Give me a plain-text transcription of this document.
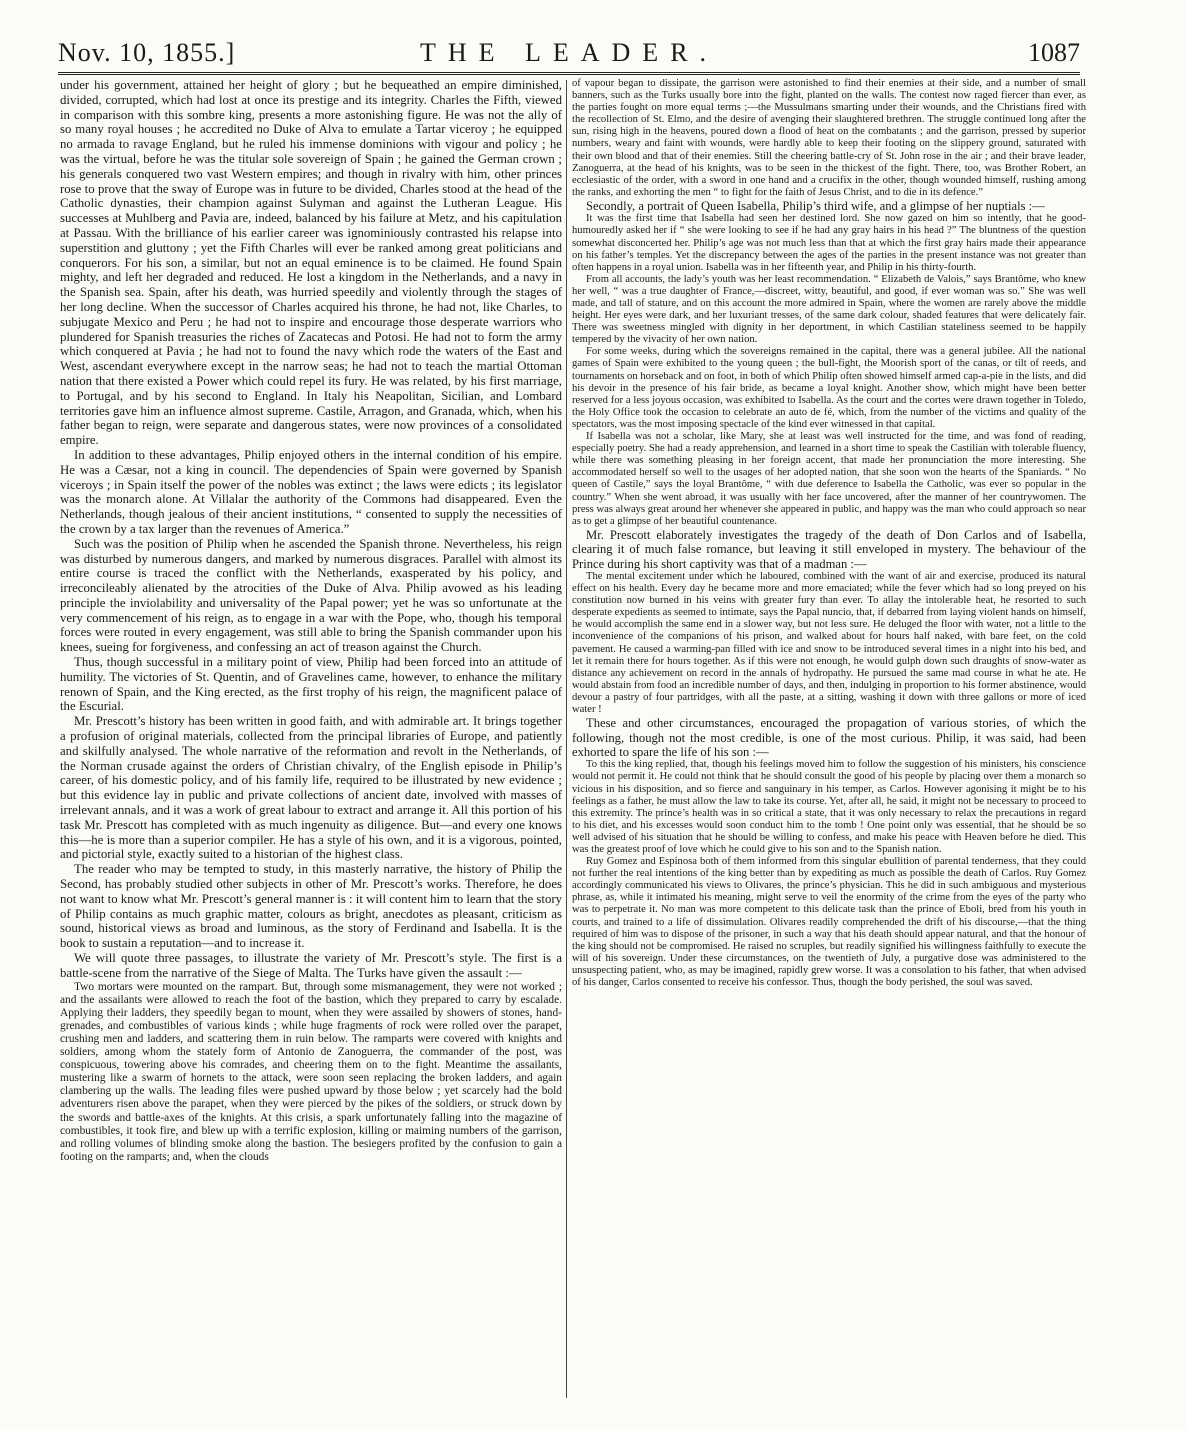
Nov. 10, 1855.]	THE LEADER.	1087

under his government, attained her height of glory ; but he bequeathed an empire diminished, divided, corrupted, which had lost at once its prestige and its integrity. Charles the Fifth, viewed in comparison with this sombre king, presents a more astonishing figure. He was not the ally of so many royal houses ; he accredited no Duke of Alva to emulate a Tartar viceroy ; he equipped no armada to ravage England, but he ruled his immense dominions with vigour and policy ; he was the virtual, before he was the titular sole sovereign of Spain ; he gained the German crown ; his generals conquered two vast Western empires; and though in rivalry with him, other princes rose to prove that the sway of Europe was in future to be divided, Charles stood at the head of the Catholic dynasties, their champion against Sulyman and against the Lutheran League. His successes at Muhlberg and Pavia are, indeed, balanced by his failure at Metz, and his capitulation at Passau. With the brilliance of his earlier career was ignominiously contrasted his relapse into superstition and gluttony ; yet the Fifth Charles will ever be ranked among great politicians and conquerors. For his son, a similar, but not an equal eminence is to be claimed. He found Spain mighty, and left her degraded and reduced. He lost a kingdom in the Netherlands, and a navy in the Spanish sea. Spain, after his death, was hurried speedily and violently through the stages of her long decline. When the successor of Charles acquired his throne, he had not, like Charles, to subjugate Mexico and Peru ; he had not to inspire and encourage those desperate warriors who plundered for Spanish treasuries the riches of Zacatecas and Potosi. He had not to form the army which conquered at Pavia ; he had not to found the navy which rode the waters of the East and West, ascendant everywhere except in the narrow seas; he had not to teach the martial Ottoman nation that there existed a Power which could repel its fury. He was related, by his first marriage, to Portugal, and by his second to England. In Italy his Neapolitan, Sicilian, and Lombard territories gave him an influence almost supreme. Castile, Arragon, and Granada, which, when his father began to reign, were separate and dangerous states, were now provinces of a consolidated empire.

In addition to these advantages, Philip enjoyed others in the internal condition of his empire. He was a Cæsar, not a king in council. The dependencies of Spain were governed by Spanish viceroys ; in Spain itself the power of the nobles was extinct ; the laws were edicts ; its legislator was the monarch alone. At Villalar the authority of the Commons had disappeared. Even the Netherlands, though jealous of their ancient institutions, “ consented to supply the necessities of the crown by a tax larger than the revenues of America.”

Such was the position of Philip when he ascended the Spanish throne. Nevertheless, his reign was disturbed by numerous dangers, and marked by numerous disgraces. Parallel with almost its entire course is traced the conflict with the Netherlands, exasperated by his policy, and irreconcileably alienated by the atrocities of the Duke of Alva. Philip avowed as his leading principle the inviolability and universality of the Papal power; yet he was so unfortunate at the very commencement of his reign, as to engage in a war with the Pope, who, though his temporal forces were routed in every engagement, was still able to bring the Spanish commander upon his knees, sueing for forgiveness, and confessing an act of treason against the Church.

Thus, though successful in a military point of view, Philip had been forced into an attitude of humility. The victories of St. Quentin, and of Gravelines came, however, to enhance the military renown of Spain, and the King erected, as the first trophy of his reign, the magnificent palace of the Escurial.

Mr. Prescott’s history has been written in good faith, and with admirable art. It brings together a profusion of original materials, collected from the principal libraries of Europe, and patiently and skilfully analysed. The whole narrative of the reformation and revolt in the Netherlands, of the Norman crusade against the orders of Christian chivalry, of the English episode in Philip’s career, of his domestic policy, and of his family life, required to be illustrated by new evidence ; but this evidence lay in public and private collections of ancient date, involved with masses of irrelevant annals, and it was a work of great labour to extract and arrange it. All this portion of his task Mr. Prescott has completed with as much ingenuity as diligence. But—and every one knows this—he is more than a superior compiler. He has a style of his own, and it is a vigorous, pointed, and pictorial style, exactly suited to a historian of the highest class.

The reader who may be tempted to study, in this masterly narrative, the history of Philip the Second, has probably studied other subjects in other of Mr. Prescott’s works. Therefore, he does not want to know what Mr. Prescott’s general manner is : it will content him to learn that the story of Philip contains as much graphic matter, colours as bright, anecdotes as pleasant, criticism as sound, historical views as broad and luminous, as the story of Ferdinand and Isabella. It is the book to sustain a reputation—and to increase it.

We will quote three passages, to illustrate the variety of Mr. Prescott’s style. The first is a battle-scene from the narrative of the Siege of Malta. The Turks have given the assault :—

Two mortars were mounted on the rampart. But, through some mismanagement, they were not worked ; and the assailants were allowed to reach the foot of the bastion, which they prepared to carry by escalade. Applying their ladders, they speedily began to mount, when they were assailed by showers of stones, hand-grenades, and combustibles of various kinds ; while huge fragments of rock were rolled over the parapet, crushing men and ladders, and scattering them in ruin below. The ramparts were covered with knights and soldiers, among whom the stately form of Antonio de Zanoguerra, the commander of the post, was conspicuous, towering above his comrades, and cheering them on to the fight. Meantime the assailants, mustering like a swarm of hornets to the attack, were soon seen replacing the broken ladders, and again clambering up the walls. The leading files were pushed upward by those below ; yet scarcely had the bold adventurers risen above the parapet, when they were pierced by the pikes of the soldiers, or struck down by the swords and battle-axes of the knights. At this crisis, a spark unfortunately falling into the magazine of combustibles, it took fire, and blew up with a terrific explosion, killing or maiming numbers of the garrison, and rolling volumes of blinding smoke along the bastion. The besiegers profited by the confusion to gain a footing on the ramparts; and, when the clouds

of vapour began to dissipate, the garrison were astonished to find their enemies at their side, and a number of small banners, such as the Turks usually bore into the fight, planted on the walls. The contest now raged fiercer than ever, as the parties fought on more equal terms ;—the Mussulmans smarting under their wounds, and the Christians fired with the recollection of St. Elmo, and the desire of avenging their slaughtered brethren. The struggle continued long after the sun, rising high in the heavens, poured down a flood of heat on the combatants ; and the garrison, pressed by superior numbers, weary and faint with wounds, were hardly able to keep their footing on the slippery ground, saturated with their own blood and that of their enemies. Still the cheering battle-cry of St. John rose in the air ; and their brave leader, Zanoguerra, at the head of his knights, was to be seen in the thickest of the fight. There, too, was Brother Robert, an ecclesiastic of the order, with a sword in one hand and a crucifix in the other, though wounded himself, rushing among the ranks, and exhorting the men “ to fight for the faith of Jesus Christ, and to die in its defence.”

Secondly, a portrait of Queen Isabella, Philip’s third wife, and a glimpse of her nuptials :—

It was the first time that Isabella had seen her destined lord. She now gazed on him so intently, that he good-humouredly asked her if “ she were looking to see if he had any gray hairs in his head ?” The bluntness of the question somewhat disconcerted her. Philip’s age was not much less than that at which the first gray hairs made their appearance on his father’s temples. Yet the discrepancy between the ages of the parties in the present instance was not greater than often happens in a royal union. Isabella was in her fifteenth year, and Philip in his thirty-fourth.

From all accounts, the lady’s youth was her least recommendation. “ Elizabeth de Valois,” says Brantôme, who knew her well, “ was a true daughter of France,—discreet, witty, beautiful, and good, if ever woman was so.” She was well made, and tall of stature, and on this account the more admired in Spain, where the women are rarely above the middle height. Her eyes were dark, and her luxuriant tresses, of the same dark colour, shaded features that were delicately fair. There was sweetness mingled with dignity in her deportment, in which Castilian stateliness seemed to be happily tempered by the vivacity of her own nation.

For some weeks, during which the sovereigns remained in the capital, there was a general jubilee. All the national games of Spain were exhibited to the young queen ; the bull-fight, the Moorish sport of the canas, or tilt of reeds, and tournaments on horseback and on foot, in both of which Philip often showed himself armed cap-a-pie in the lists, and did his devoir in the presence of his fair bride, as became a loyal knight. Another show, which might have been better reserved for a less joyous occasion, was exhibited to Isabella. As the court and the cortes were drawn together in Toledo, the Holy Office took the occasion to celebrate an auto de fé, which, from the number of the victims and quality of the spectators, was the most imposing spectacle of the kind ever witnessed in that capital.

If Isabella was not a scholar, like Mary, she at least was well instructed for the time, and was fond of reading, especially poetry. She had a ready apprehension, and learned in a short time to speak the Castilian with tolerable fluency, while there was something pleasing in her foreign accent, that made her pronunciation the more interesting. She accommodated herself so well to the usages of her adopted nation, that she soon won the hearts of the Spaniards. “ No queen of Castile,” says the loyal Brantôme, “ with due deference to Isabella the Catholic, was ever so popular in the country.” When she went abroad, it was usually with her face uncovered, after the manner of her countrywomen. The press was always great around her whenever she appeared in public, and happy was the man who could approach so near as to get a glimpse of her beautiful countenance.

Mr. Prescott elaborately investigates the tragedy of the death of Don Carlos and of Isabella, clearing it of much false romance, but leaving it still enveloped in mystery. The behaviour of the Prince during his short captivity was that of a madman :—

The mental excitement under which he laboured, combined with the want of air and exercise, produced its natural effect on his health. Every day he became more and more emaciated; while the fever which had so long preyed on his constitution now burned in his veins with greater fury than ever. To allay the intolerable heat, he resorted to such desperate expedients as seemed to intimate, says the Papal nuncio, that, if debarred from laying violent hands on himself, he would accomplish the same end in a slower way, but not less sure. He deluged the floor with water, not a little to the inconvenience of the companions of his prison, and walked about for hours half naked, with bare feet, on the cold pavement. He caused a warming-pan filled with ice and snow to be introduced several times in a night into his bed, and let it remain there for hours together. As if this were not enough, he would gulph down such draughts of snow-water as distance any achievement on record in the annals of hydropathy. He pursued the same mad course in what he ate. He would abstain from food an incredible number of days, and then, indulging in proportion to his former abstinence, would devour a pastry of four partridges, with all the paste, at a sitting, washing it down with three gallons or more of iced water !

These and other circumstances, encouraged the propagation of various stories, of which the following, though not the most credible, is one of the most curious. Philip, it was said, had been exhorted to spare the life of his son :—

To this the king replied, that, though his feelings moved him to follow the suggestion of his ministers, his conscience would not permit it. He could not think that he should consult the good of his people by placing over them a monarch so vicious in his disposition, and so fierce and sanguinary in his temper, as Carlos. However agonising it might be to his feelings as a father, he must allow the law to take its course. Yet, after all, he said, it might not be necessary to proceed to this extremity. The prince’s health was in so critical a state, that it was only necessary to relax the precautions in regard to his diet, and his excesses would soon conduct him to the tomb ! One point only was essential, that he should be so well advised of his situation that he should be willing to confess, and make his peace with Heaven before he died. This was the greatest proof of love which he could give to his son and to the Spanish nation.

Ruy Gomez and Espinosa both of them informed from this singular ebullition of parental tenderness, that they could not further the real intentions of the king better than by expediting as much as possible the death of Carlos. Ruy Gomez accordingly communicated his views to Olivares, the prince’s physician. This he did in such ambiguous and mysterious phrase, as, while it intimated his meaning, might serve to veil the enormity of the crime from the eyes of the party who was to perpetrate it. No man was more competent to this delicate task than the prince of Eboli, bred from his youth in courts, and trained to a life of dissimulation. Olivares readily comprehended the drift of his discourse,—that the thing required of him was to dispose of the prisoner, in such a way that his death should appear natural, and that the honour of the king should not be compromised. He raised no scruples, but readily signified his willingness faithfully to execute the will of his sovereign. Under these circumstances, on the twentieth of July, a purgative dose was administered to the unsuspecting patient, who, as may be imagined, rapidly grew worse. It was a consolation to his father, that when advised of his danger, Carlos consented to receive his confessor. Thus, though the body perished, the soul was saved.
